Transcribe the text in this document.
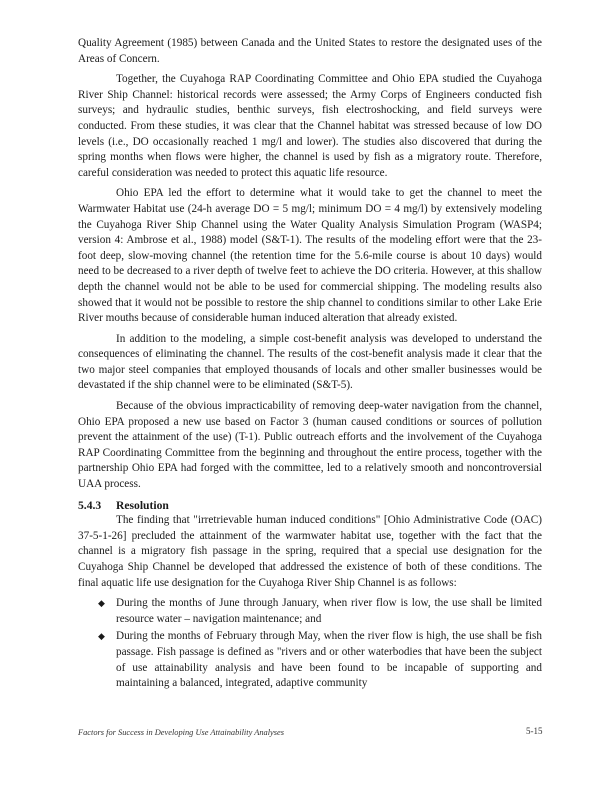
Quality Agreement (1985) between Canada and the United States to restore the designated uses of the Areas of Concern.

Together, the Cuyahoga RAP Coordinating Committee and Ohio EPA studied the Cuyahoga River Ship Channel: historical records were assessed; the Army Corps of Engineers conducted fish surveys; and hydraulic studies, benthic surveys, fish electroshocking, and field surveys were conducted. From these studies, it was clear that the Channel habitat was stressed because of low DO levels (i.e., DO occasionally reached 1 mg/l and lower). The studies also discovered that during the spring months when flows were higher, the channel is used by fish as a migratory route. Therefore, careful consideration was needed to protect this aquatic life resource.

Ohio EPA led the effort to determine what it would take to get the channel to meet the Warmwater Habitat use (24-h average DO = 5 mg/l; minimum DO = 4 mg/l) by extensively modeling the Cuyahoga River Ship Channel using the Water Quality Analysis Simulation Program (WASP4; version 4: Ambrose et al., 1988) model (S&T-1). The results of the modeling effort were that the 23-foot deep, slow-moving channel (the retention time for the 5.6-mile course is about 10 days) would need to be decreased to a river depth of twelve feet to achieve the DO criteria. However, at this shallow depth the channel would not be able to be used for commercial shipping. The modeling results also showed that it would not be possible to restore the ship channel to conditions similar to other Lake Erie River mouths because of considerable human induced alteration that already existed.

In addition to the modeling, a simple cost-benefit analysis was developed to understand the consequences of eliminating the channel. The results of the cost-benefit analysis made it clear that the two major steel companies that employed thousands of locals and other smaller businesses would be devastated if the ship channel were to be eliminated (S&T-5).

Because of the obvious impracticability of removing deep-water navigation from the channel, Ohio EPA proposed a new use based on Factor 3 (human caused conditions or sources of pollution prevent the attainment of the use) (T-1). Public outreach efforts and the involvement of the Cuyahoga RAP Coordinating Committee from the beginning and throughout the entire process, together with the partnership Ohio EPA had forged with the committee, led to a relatively smooth and noncontroversial UAA process.

5.4.3 Resolution

The finding that "irretrievable human induced conditions" [Ohio Administrative Code (OAC) 37-5-1-26] precluded the attainment of the warmwater habitat use, together with the fact that the channel is a migratory fish passage in the spring, required that a special use designation for the Cuyahoga Ship Channel be developed that addressed the existence of both of these conditions. The final aquatic life use designation for the Cuyahoga River Ship Channel is as follows:

◆ During the months of June through January, when river flow is low, the use shall be limited resource water – navigation maintenance; and
◆ During the months of February through May, when the river flow is high, the use shall be fish passage. Fish passage is defined as "rivers and or other waterbodies that have been the subject of use attainability analysis and have been found to be incapable of supporting and maintaining a balanced, integrated, adaptive community
Factors for Success in Developing Use Attainability Analyses	5-15
